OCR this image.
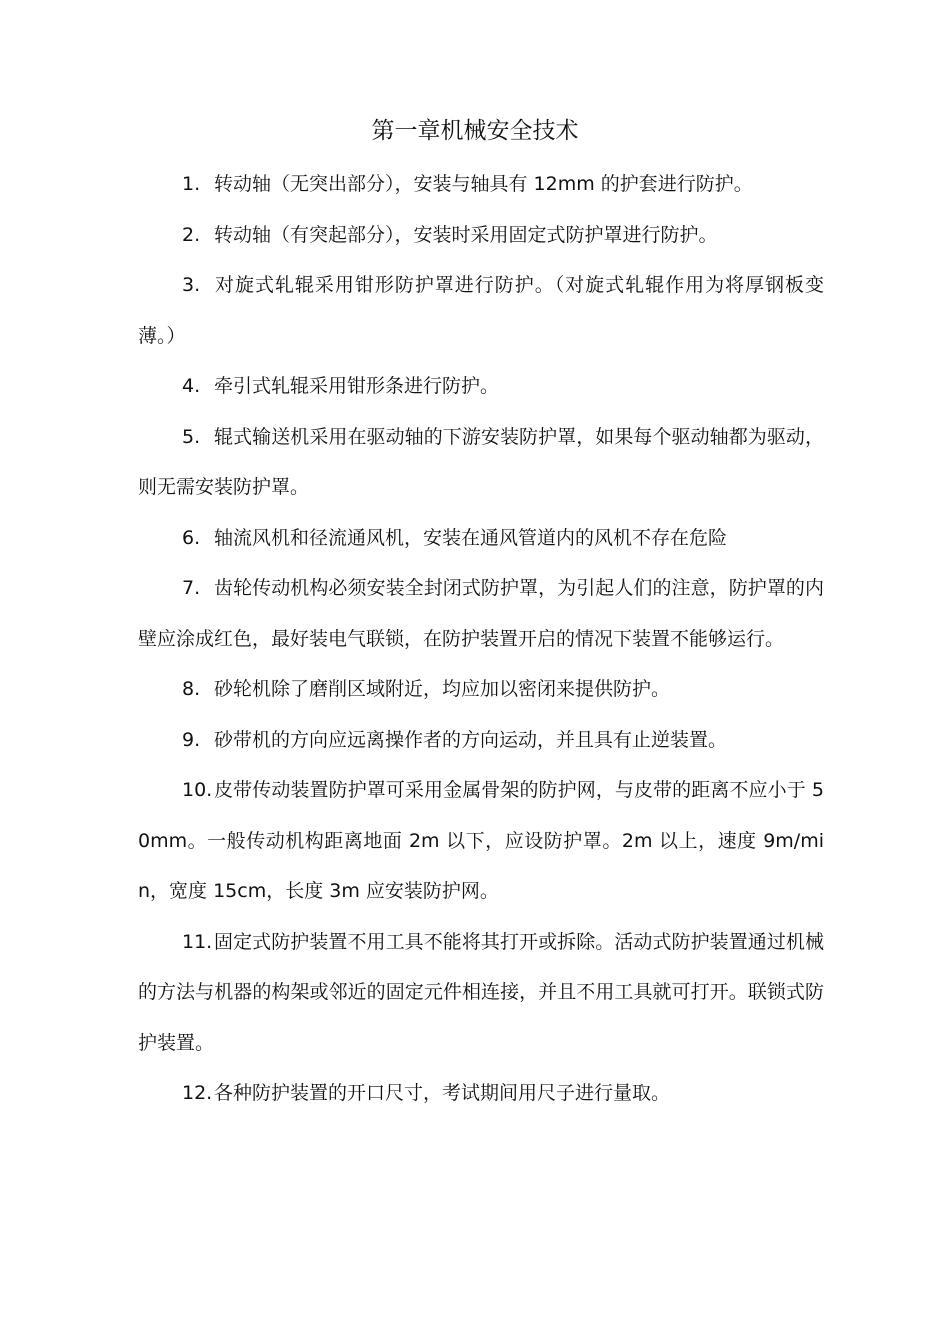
第一章机械安全技术

1. 转动轴（无突出部分），安装与轴具有 12mm 的护套进行防护。

2. 转动轴（有突起部分），安装时采用固定式防护罩进行防护。

3. 对旋式轧辊采用钳形防护罩进行防护。（对旋式轧辊作用为将厚钢板变薄。）

4. 牵引式轧辊采用钳形条进行防护。

5. 辊式输送机采用在驱动轴的下游安装防护罩，如果每个驱动轴都为驱动，则无需安装防护罩。

6. 轴流风机和径流通风机，安装在通风管道内的风机不存在危险

7. 齿轮传动机构必须安装全封闭式防护罩，为引起人们的注意，防护罩的内壁应涂成红色，最好装电气联锁，在防护装置开启的情况下装置不能够运行。

8. 砂轮机除了磨削区域附近，均应加以密闭来提供防护。

9. 砂带机的方向应远离操作者的方向运动，并且具有止逆装置。

10.皮带传动装置防护罩可采用金属骨架的防护网，与皮带的距离不应小于 50mm。一般传动机构距离地面 2m 以下，应设防护罩。2m 以上，速度 9m/min，宽度 15cm，长度 3m 应安装防护网。

11.固定式防护装置不用工具不能将其打开或拆除。活动式防护装置通过机械的方法与机器的构架或邻近的固定元件相连接，并且不用工具就可打开。联锁式防护装置。

12.各种防护装置的开口尺寸，考试期间用尺子进行量取。
